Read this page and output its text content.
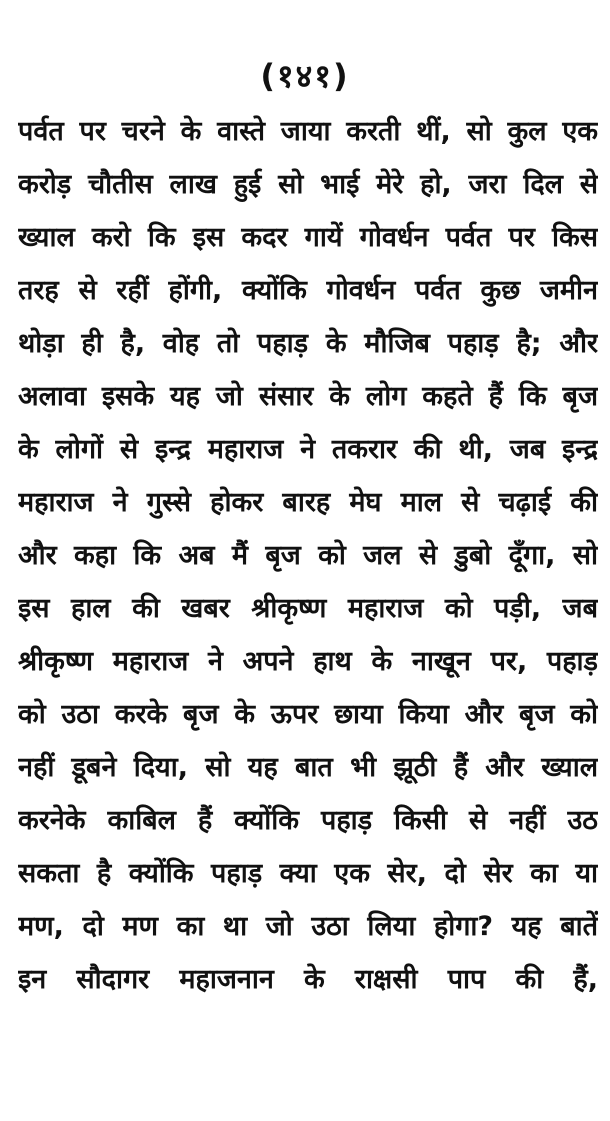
(१४१)
पर्वत पर चरने के वास्ते जाया करती थीं, सो कुल एक
करोड़ चौतीस लाख हुई सो भाई मेरे हो, जरा दिल से
ख्याल करो कि इस कदर गायें गोवर्धन पर्वत पर किस
तरह से रहीं होंगी, क्योंकि गोवर्धन पर्वत कुछ जमीन
थोड़ा ही है, वोह तो पहाड़ के मौजिब पहाड़ है; और
अलावा इसके यह जो संसार के लोग कहते हैं कि बृज
के लोगों से इन्द्र महाराज ने तकरार की थी, जब इन्द्र
महाराज ने गुस्से होकर बारह मेघ माल से चढ़ाई की
और कहा कि अब मैं बृज को जल से डुबो दूँगा, सो
इस हाल की खबर श्रीकृष्ण महाराज को पड़ी, जब
श्रीकृष्ण महाराज ने अपने हाथ के नाखून पर, पहाड़
को उठा करके बृज के ऊपर छाया किया और बृज को
नहीं डूबने दिया, सो यह बात भी झूठी हैं और ख्याल
करनेके काबिल हैं क्योंकि पहाड़ किसी से नहीं उठ
सकता है क्योंकि पहाड़ क्या एक सेर, दो सेर का या
मण, दो मण का था जो उठा लिया होगा? यह बातें
इन सौदागर महाजनान के राक्षसी पाप की हैं,
